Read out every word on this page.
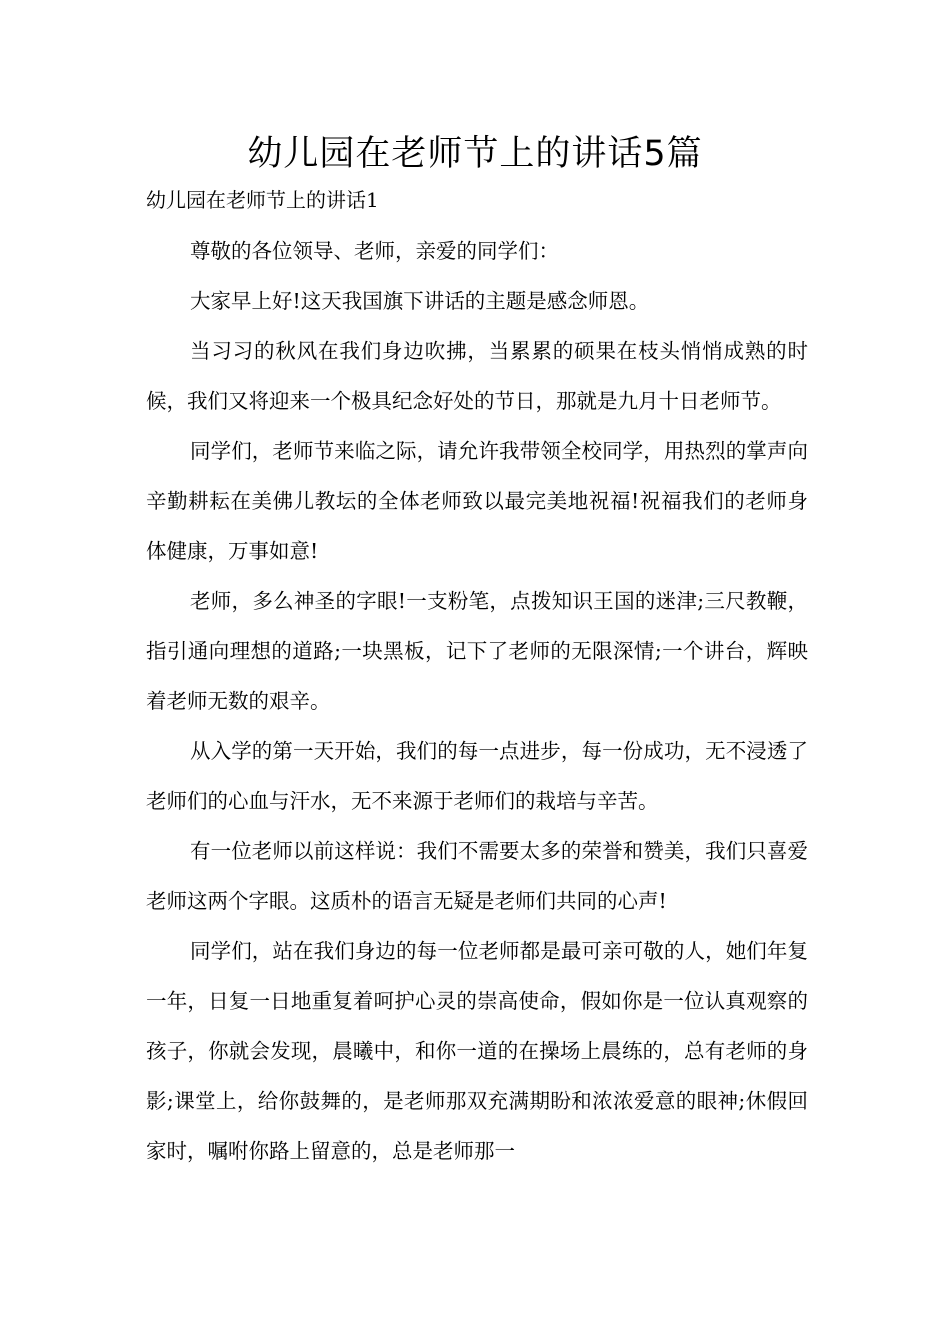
幼儿园在老师节上的讲话5篇
幼儿园在老师节上的讲话1

尊敬的各位领导、老师，亲爱的同学们：

大家早上好!这天我国旗下讲话的主题是感念师恩。

当习习的秋风在我们身边吹拂，当累累的硕果在枝头悄悄成熟的时候，我们又将迎来一个极具纪念好处的节日，那就是九月十日老师节。

同学们，老师节来临之际，请允许我带领全校同学，用热烈的掌声向辛勤耕耘在美佛儿教坛的全体老师致以最完美地祝福!祝福我们的老师身体健康，万事如意!

老师，多么神圣的字眼!一支粉笔，点拨知识王国的迷津;三尺教鞭，指引通向理想的道路;一块黑板，记下了老师的无限深情;一个讲台，辉映着老师无数的艰辛。

从入学的第一天开始，我们的每一点进步，每一份成功，无不浸透了老师们的心血与汗水，无不来源于老师们的栽培与辛苦。

有一位老师以前这样说：我们不需要太多的荣誉和赞美，我们只喜爱老师这两个字眼。这质朴的语言无疑是老师们共同的心声!

同学们，站在我们身边的每一位老师都是最可亲可敬的人，她们年复一年，日复一日地重复着呵护心灵的崇高使命，假如你是一位认真观察的孩子，你就会发现，晨曦中，和你一道的在操场上晨练的，总有老师的身影;课堂上，给你鼓舞的，是老师那双充满期盼和浓浓爱意的眼神;休假回家时，嘱咐你路上留意的，总是老师那一
